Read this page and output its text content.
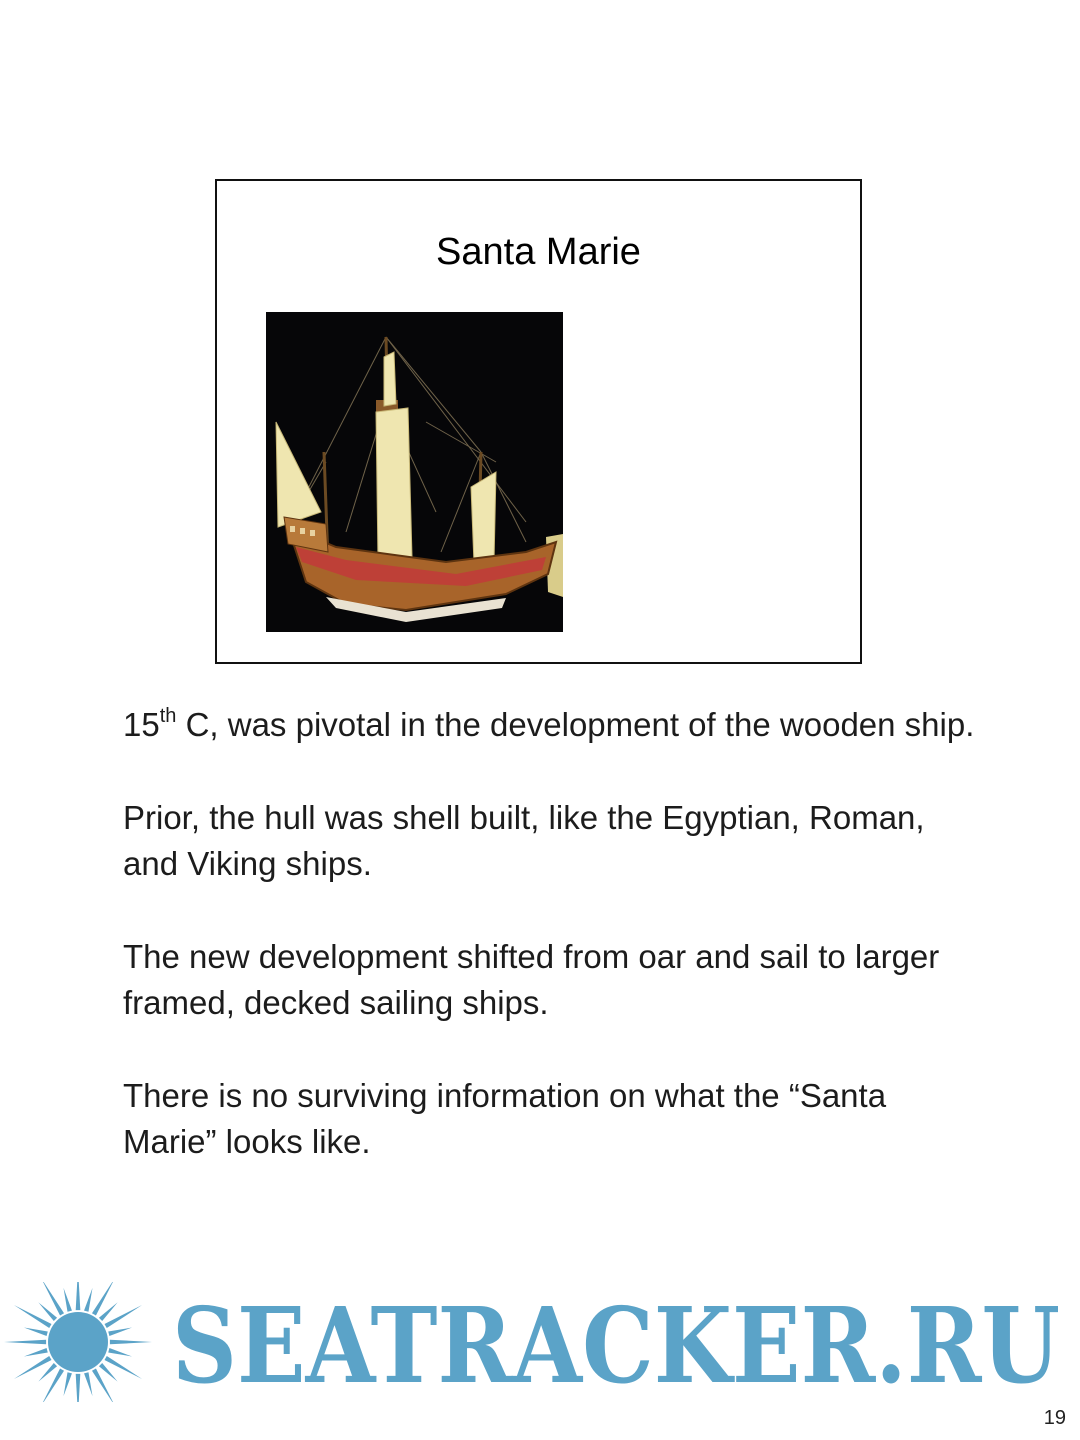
Santa Marie

15th C, was pivotal in the development of the wooden ship.

Prior, the hull was shell built, like the Egyptian, Roman, and Viking ships.

The new development shifted from oar and sail to larger framed, decked sailing ships.

There is no surviving information on what the “Santa Marie” looks like.

SEATRACKER.RU
19
